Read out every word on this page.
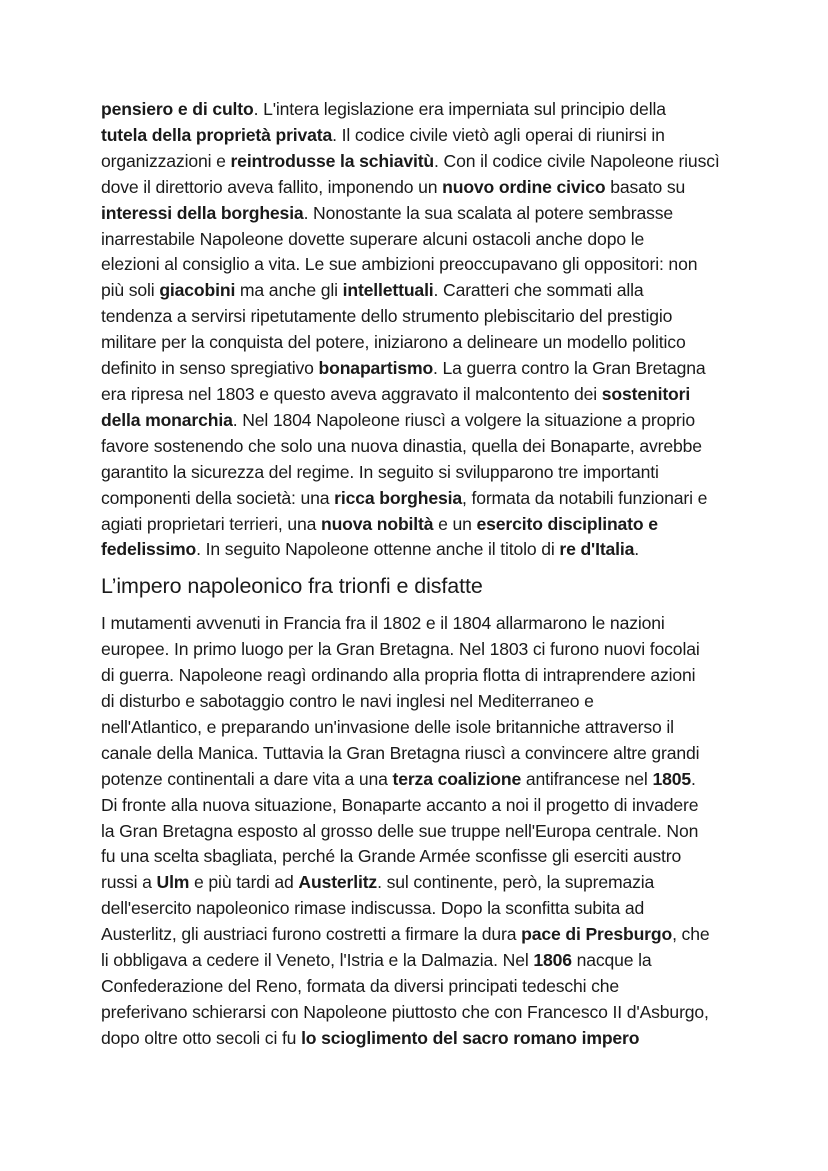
pensiero e di culto. L'intera legislazione era imperniata sul principio della
tutela della proprietà privata. Il codice civile vietò agli operai di riunirsi in
organizzazioni e reintrodusse la schiavitù. Con il codice civile Napoleone riuscì
dove il direttorio aveva fallito, imponendo un nuovo ordine civico basato su
interessi della borghesia. Nonostante la sua scalata al potere sembrasse
inarrestabile Napoleone dovette superare alcuni ostacoli anche dopo le
elezioni al consiglio a vita. Le sue ambizioni preoccupavano gli oppositori: non
più soli giacobini ma anche gli intellettuali. Caratteri che sommati alla
tendenza a servirsi ripetutamente dello strumento plebiscitario del prestigio
militare per la conquista del potere, iniziarono a delineare un modello politico
definito in senso spregiativo bonapartismo. La guerra contro la Gran Bretagna
era ripresa nel 1803 e questo aveva aggravato il malcontento dei sostenitori
della monarchia. Nel 1804 Napoleone riuscì a volgere la situazione a proprio
favore sostenendo che solo una nuova dinastia, quella dei Bonaparte, avrebbe
garantito la sicurezza del regime. In seguito si svilupparono tre importanti
componenti della società: una ricca borghesia, formata da notabili funzionari e
agiati proprietari terrieri, una nuova nobiltà e un esercito disciplinato e
fedelissimo. In seguito Napoleone ottenne anche il titolo di re d'Italia.

L’impero napoleonico fra trionfi e disfatte

I mutamenti avvenuti in Francia fra il 1802 e il 1804 allarmarono le nazioni
europee. In primo luogo per la Gran Bretagna. Nel 1803 ci furono nuovi focolai
di guerra. Napoleone reagì ordinando alla propria flotta di intraprendere azioni
di disturbo e sabotaggio contro le navi inglesi nel Mediterraneo e
nell'Atlantico, e preparando un'invasione delle isole britanniche attraverso il
canale della Manica. Tuttavia la Gran Bretagna riuscì a convincere altre grandi
potenze continentali a dare vita a una terza coalizione antifrancese nel 1805.
Di fronte alla nuova situazione, Bonaparte accanto a noi il progetto di invadere
la Gran Bretagna esposto al grosso delle sue truppe nell'Europa centrale. Non
fu una scelta sbagliata, perché la Grande Armée sconfisse gli eserciti austro
russi a Ulm e più tardi ad Austerlitz. sul continente, però, la supremazia
dell'esercito napoleonico rimase indiscussa. Dopo la sconfitta subita ad
Austerlitz, gli austriaci furono costretti a firmare la dura pace di Presburgo, che
li obbligava a cedere il Veneto, l'Istria e la Dalmazia. Nel 1806 nacque la
Confederazione del Reno, formata da diversi principati tedeschi che
preferivano schierarsi con Napoleone piuttosto che con Francesco II d'Asburgo,
dopo oltre otto secoli ci fu lo scioglimento del sacro romano impero
